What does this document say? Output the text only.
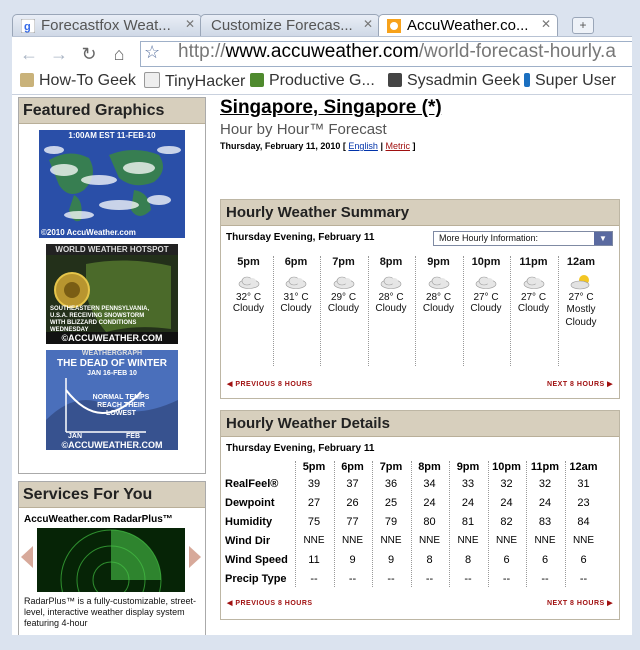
g Forecastfox Weat... ✕	Customize Forecas... ✕	AccuWeather.co... ✕	+
← → ↻ ⌂	☆ http://www.accuweather.com/world-forecast-hourly.a
How-To Geek	TinyHacker	Productive G...	Sysadmin Geek Super User
Featured Graphics
1:00AM EST 11-FEB-10
©2010 AccuWeather.com
WORLD WEATHER HOTSPOT
SOUTHEASTERN PENNSYLVANIA, U.S.A. RECEIVING SNOWSTORM WITH BLIZZARD CONDITIONS WEDNESDAY
©ACCUWEATHER.COM
WEATHERGRAPH
THE DEAD OF WINTER
JAN 16-FEB 10
NORMAL TEMPS REACH THEIR LOWEST
JAN	FEB
©ACCUWEATHER.COM
Services For You
AccuWeather.com RadarPlus™
RadarPlus™ is a fully-customizable, street-level, interactive weather display system featuring 4-hour
Singapore, Singapore (*)
Hour by Hour™ Forecast
Thursday, February 11, 2010 [ English | Metric ]
Hourly Weather Summary
Thursday Evening, February 11	More Hourly Information:	▼
5pm
32° C
Cloudy
6pm
31° C
Cloudy
7pm
29° C
Cloudy
8pm
28° C
Cloudy
9pm
28° C
Cloudy
10pm
27° C
Cloudy
11pm
27° C
Cloudy
12am
27° C
Mostly Cloudy
◀ PREVIOUS 8 HOURS	NEXT 8 HOURS ▶
Hourly Weather Details
Thursday Evening, February 11
5pm	6pm	7pm	8pm	9pm	10pm 11pm 12am
RealFeel®	39	37	36	34	33	32	32	31
Dewpoint	27	26	25	24	24	24	24	23
Humidity	75	77	79	80	81	82	83	84
Wind Dir	NNE	NNE	NNE	NNE	NNE	NNE	NNE	NNE
Wind Speed	11	9	9	8	8	6	6	6
Precip Type	--	--	--	--	--	--	--	--
◀ PREVIOUS 8 HOURS	NEXT 8 HOURS ▶
